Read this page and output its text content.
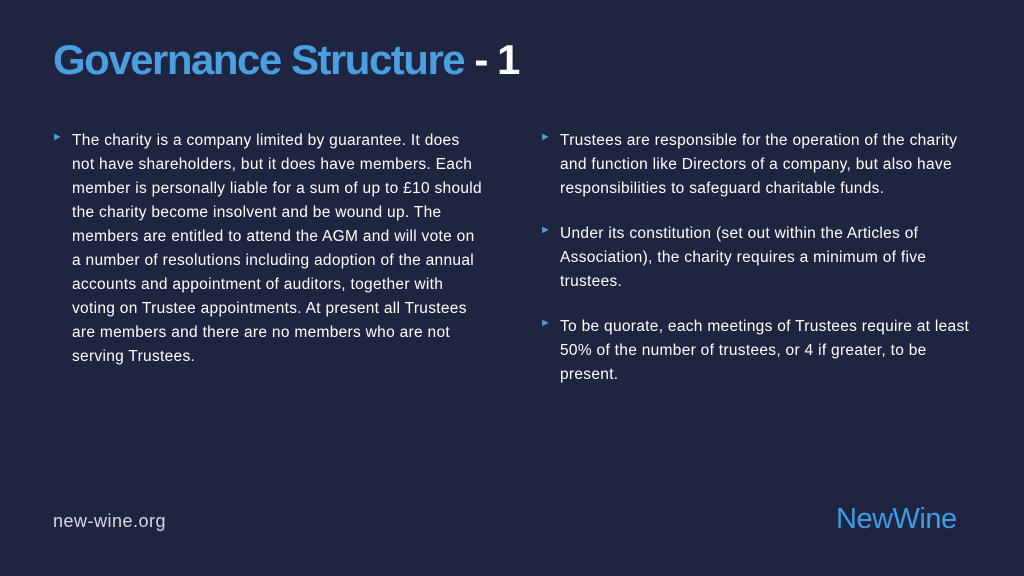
Governance Structure - 1
► The charity is a company limited by guarantee. It does not have shareholders, but it does have members. Each member is personally liable for a sum of up to £10 should the charity become insolvent and be wound up. The members are entitled to attend the AGM and will vote on a number of resolutions including adoption of the annual accounts and appointment of auditors, together with voting on Trustee appointments. At present all Trustees are members and there are no members who are not serving Trustees.
► Trustees are responsible for the operation of the charity and function like Directors of a company, but also have responsibilities to safeguard charitable funds.
► Under its constitution (set out within the Articles of Association), the charity requires a minimum of five trustees.
► To be quorate, each meetings of Trustees require at least 50% of the number of trustees, or 4 if greater, to be present.
new-wine.org	NewWine
